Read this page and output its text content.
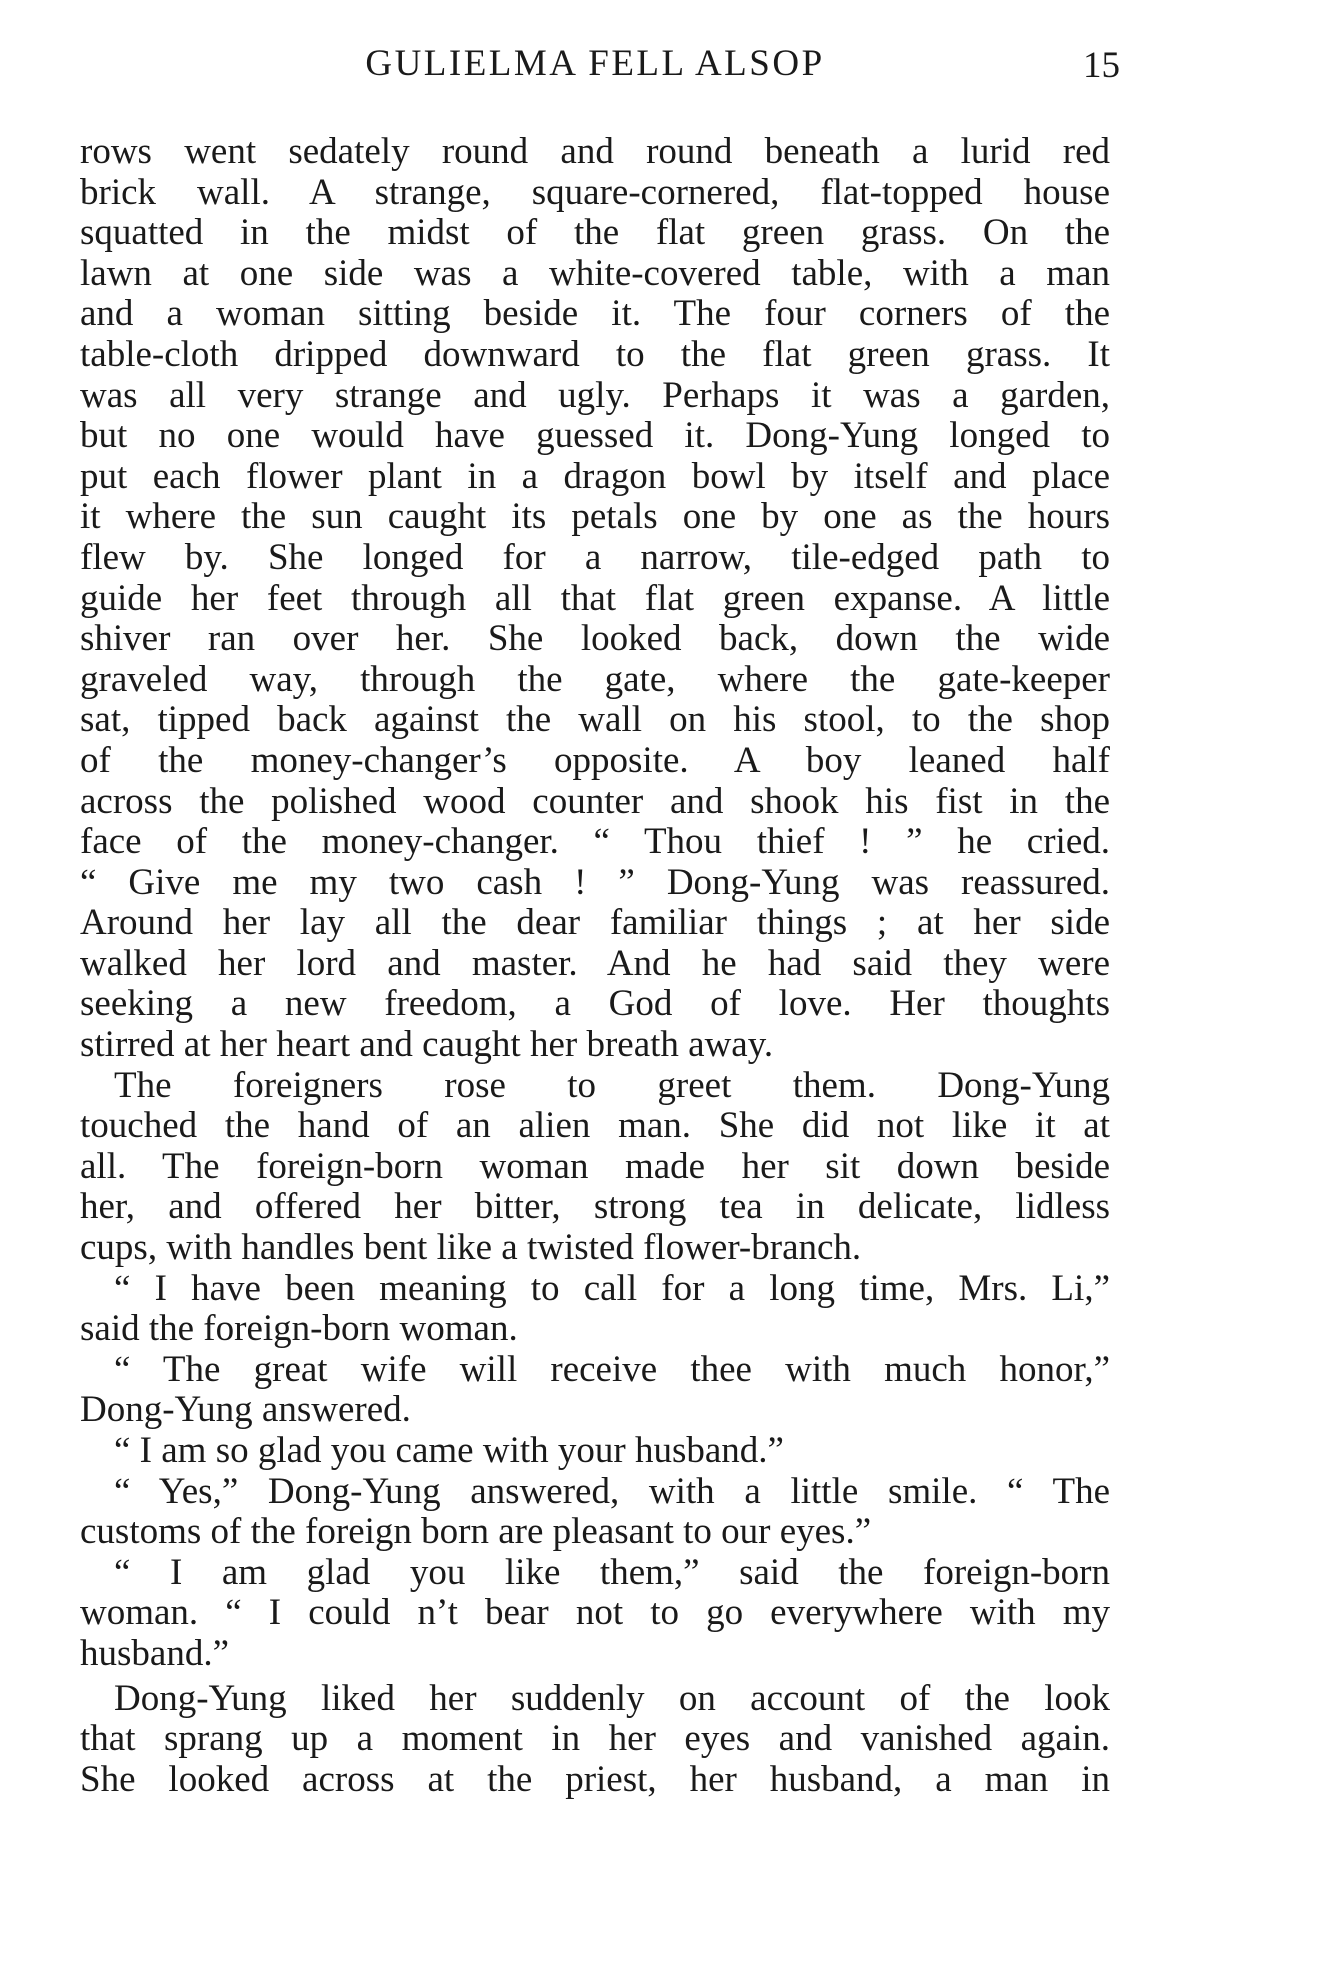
GULIELMA FELL ALSOP	15
rows went sedately round and round beneath a lurid red
brick wall. A strange, square-cornered, flat-topped house
squatted in the midst of the flat green grass. On the
lawn at one side was a white-covered table, with a man
and a woman sitting beside it. The four corners of the
table-cloth dripped downward to the flat green grass. It
was all very strange and ugly. Perhaps it was a garden,
but no one would have guessed it. Dong-Yung longed to
put each flower plant in a dragon bowl by itself and place
it where the sun caught its petals one by one as the hours
flew by. She longed for a narrow, tile-edged path to
guide her feet through all that flat green expanse. A little
shiver ran over her. She looked back, down the wide
graveled way, through the gate, where the gate-keeper
sat, tipped back against the wall on his stool, to the shop
of the money-changer’s opposite. A boy leaned half
across the polished wood counter and shook his fist in the
face of the money-changer. “ Thou thief ! ” he cried.
“ Give me my two cash ! ” Dong-Yung was reassured.
Around her lay all the dear familiar things ; at her side
walked her lord and master. And he had said they were
seeking a new freedom, a God of love. Her thoughts
stirred at her heart and caught her breath away.
The foreigners rose to greet them. Dong-Yung
touched the hand of an alien man. She did not like it at
all. The foreign-born woman made her sit down beside
her, and offered her bitter, strong tea in delicate, lidless
cups, with handles bent like a twisted flower-branch.
“ I have been meaning to call for a long time, Mrs. Li,”
said the foreign-born woman.
“ The great wife will receive thee with much honor,”
Dong-Yung answered.
“ I am so glad you came with your husband.”
“ Yes,” Dong-Yung answered, with a little smile. “ The
customs of the foreign born are pleasant to our eyes.”
“ I am glad you like them,” said the foreign-born
woman. “ I could n’t bear not to go everywhere with my
husband.”
Dong-Yung liked her suddenly on account of the look
that sprang up a moment in her eyes and vanished again.
She looked across at the priest, her husband, a man in
